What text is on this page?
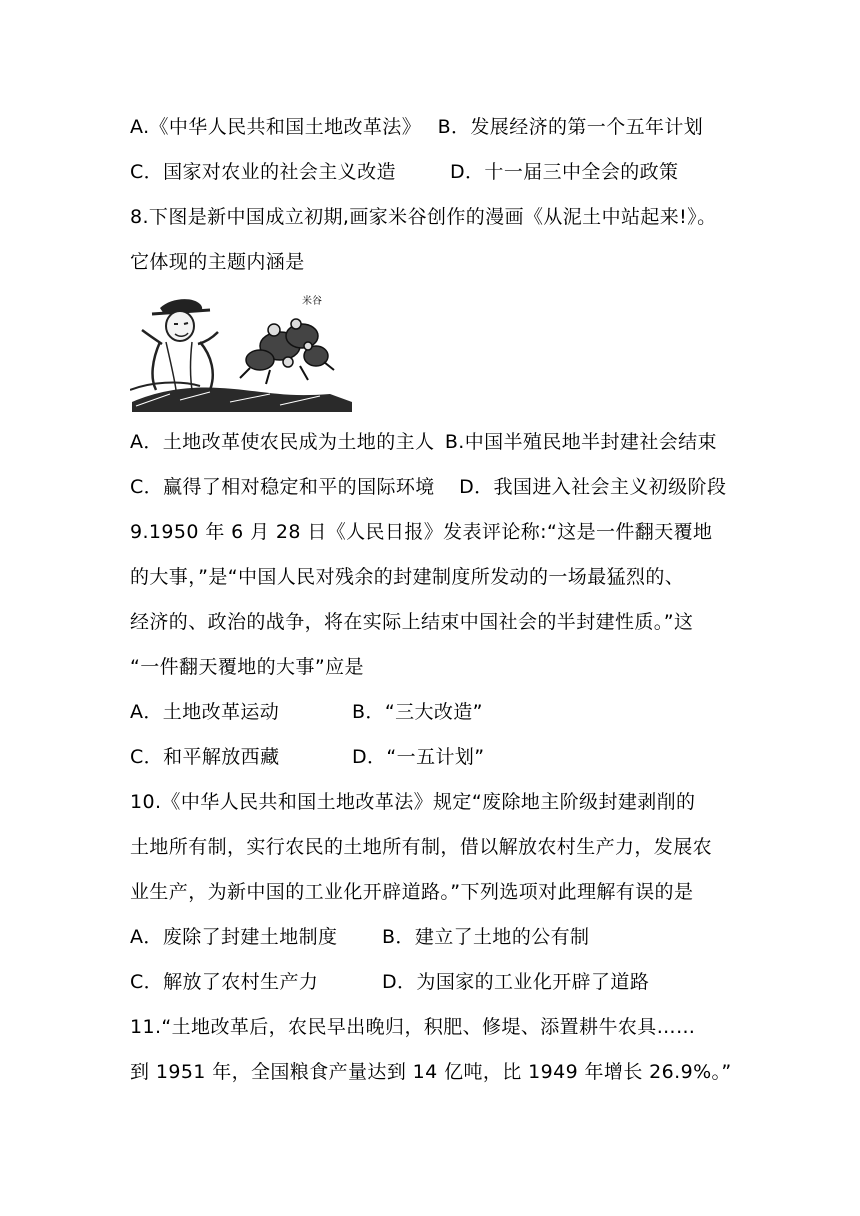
A.《中华人民共和国土地改革法》 B．发展经济的第一个五年计划
C．国家对农业的社会主义改造	D．十一届三中全会的政策
8.下图是新中国成立初期,画家米谷创作的漫画《从泥土中站起来!》。
它体现的主题内涵是
米谷
A．土地改革使农民成为土地的主人 B.中国半殖民地半封建社会结束
C．赢得了相对稳定和平的国际环境 D．我国进入社会主义初级阶段
9.1950 年 6 月 28 日《人民日报》发表评论称:“这是一件翻天覆地
的大事，”是“中国人民对残余的封建制度所发动的一场最猛烈的、
经济的、政治的战争，将在实际上结束中国社会的半封建性质。”这
“一件翻天覆地的大事”应是
A．土地改革运动	B．“三大改造”
C．和平解放西藏	D．“一五计划”
10.《中华人民共和国土地改革法》规定“废除地主阶级封建剥削的
土地所有制，实行农民的土地所有制，借以解放农村生产力，发展农
业生产，为新中国的工业化开辟道路。”下列选项对此理解有误的是
A．废除了封建土地制度 B．建立了土地的公有制
C．解放了农村生产力	D．为国家的工业化开辟了道路
11.“土地改革后，农民早出晚归，积肥、修堤、添置耕牛农具……
到 1951 年，全国粮食产量达到 14 亿吨，比 1949 年增长 26.9%。”
